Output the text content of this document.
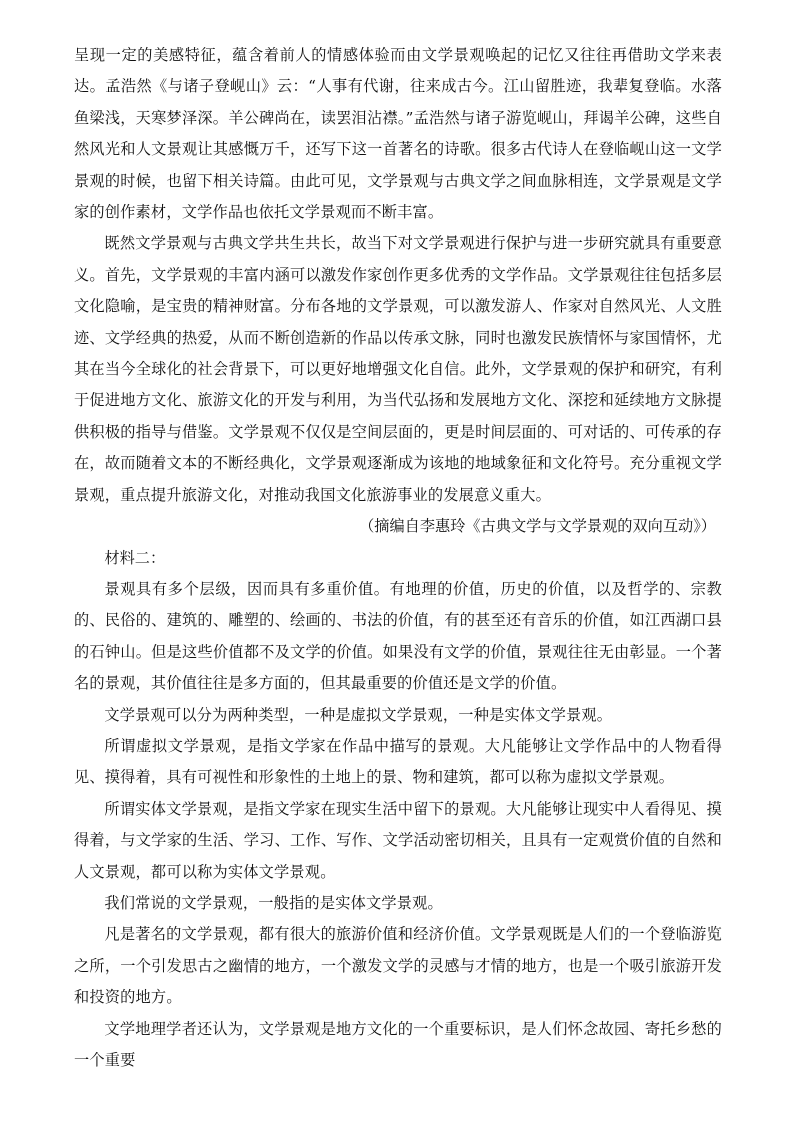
呈现一定的美感特征，蕴含着前人的情感体验而由文学景观唤起的记忆又往往再借助文学来表达。孟浩然《与诸子登岘山》云：“人事有代谢，往来成古今。江山留胜迹，我辈复登临。水落鱼梁浅，天寒梦泽深。羊公碑尚在，读罢泪沾襟。”孟浩然与诸子游览岘山，拜谒羊公碑，这些自然风光和人文景观让其感慨万千，还写下这一首著名的诗歌。很多古代诗人在登临岘山这一文学景观的时候，也留下相关诗篇。由此可见，文学景观与古典文学之间血脉相连，文学景观是文学家的创作素材，文学作品也依托文学景观而不断丰富。

既然文学景观与古典文学共生共长，故当下对文学景观进行保护与进一步研究就具有重要意义。首先，文学景观的丰富内涵可以激发作家创作更多优秀的文学作品。文学景观往往包括多层文化隐喻，是宝贵的精神财富。分布各地的文学景观，可以激发游人、作家对自然风光、人文胜迹、文学经典的热爱，从而不断创造新的作品以传承文脉，同时也激发民族情怀与家国情怀，尤其在当今全球化的社会背景下，可以更好地增强文化自信。此外，文学景观的保护和研究，有利于促进地方文化、旅游文化的开发与利用，为当代弘扬和发展地方文化、深挖和延续地方文脉提供积极的指导与借鉴。文学景观不仅仅是空间层面的，更是时间层面的、可对话的、可传承的存在，故而随着文本的不断经典化，文学景观逐渐成为该地的地域象征和文化符号。充分重视文学景观，重点提升旅游文化，对推动我国文化旅游事业的发展意义重大。

（摘编自李惠玲《古典文学与文学景观的双向互动》）

材料二：

景观具有多个层级，因而具有多重价值。有地理的价值，历史的价值，以及哲学的、宗教的、民俗的、建筑的、雕塑的、绘画的、书法的价值，有的甚至还有音乐的价值，如江西湖口县的石钟山。但是这些价值都不及文学的价值。如果没有文学的价值，景观往往无由彰显。一个著名的景观，其价值往往是多方面的，但其最重要的价值还是文学的价值。

文学景观可以分为两种类型，一种是虚拟文学景观，一种是实体文学景观。

所谓虚拟文学景观，是指文学家在作品中描写的景观。大凡能够让文学作品中的人物看得见、摸得着，具有可视性和形象性的土地上的景、物和建筑，都可以称为虚拟文学景观。

所谓实体文学景观，是指文学家在现实生活中留下的景观。大凡能够让现实中人看得见、摸得着，与文学家的生活、学习、工作、写作、文学活动密切相关，且具有一定观赏价值的自然和人文景观，都可以称为实体文学景观。

我们常说的文学景观，一般指的是实体文学景观。

凡是著名的文学景观，都有很大的旅游价值和经济价值。文学景观既是人们的一个登临游览之所，一个引发思古之幽情的地方，一个激发文学的灵感与才情的地方，也是一个吸引旅游开发和投资的地方。

文学地理学者还认为，文学景观是地方文化的一个重要标识，是人们怀念故园、寄托乡愁的一个重要
